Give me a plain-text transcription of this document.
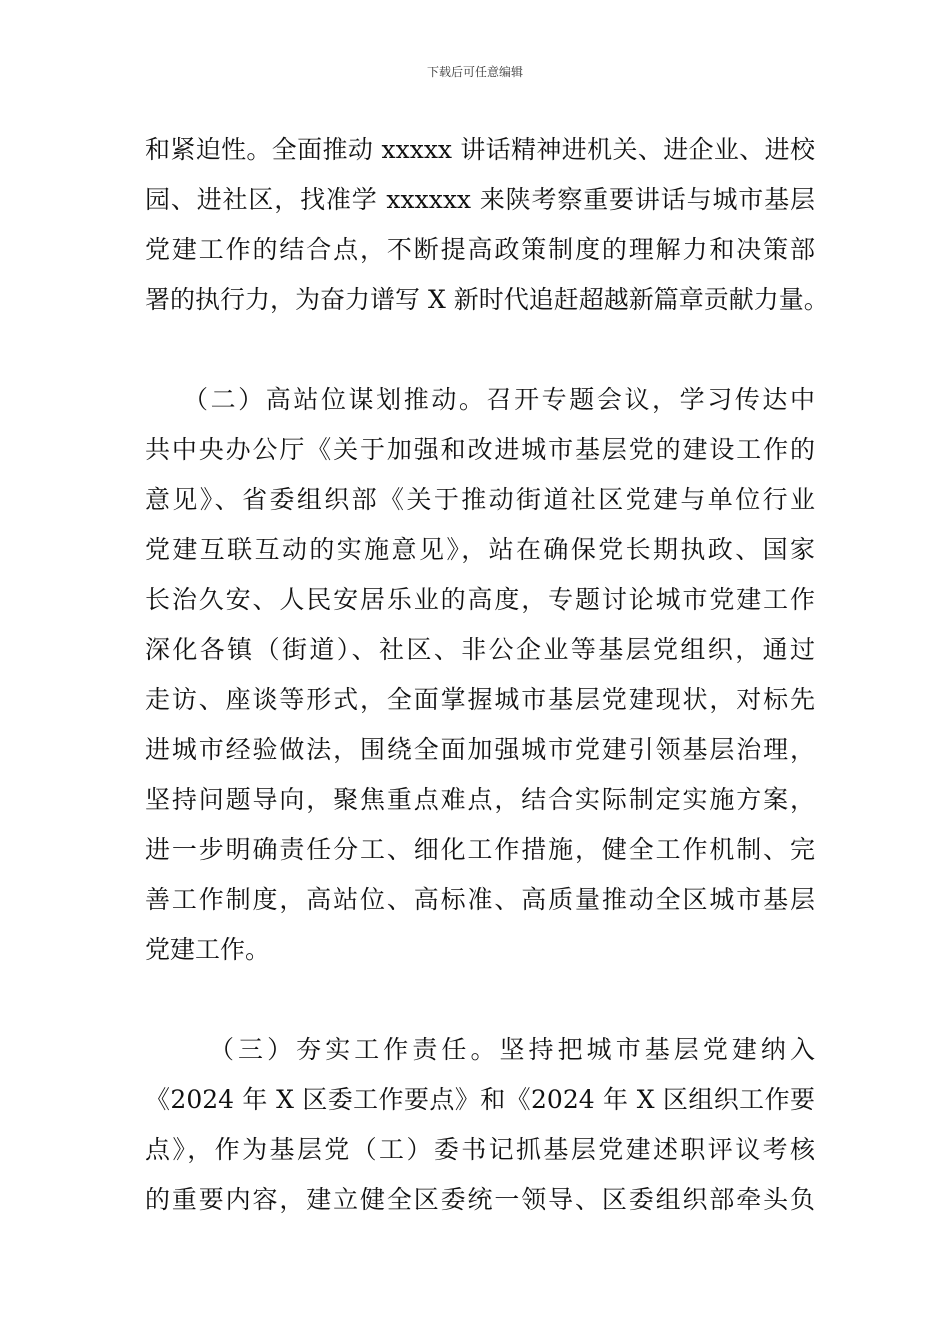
下载后可任意编辑
和紧迫性。全面推动 xxxxx 讲话精神进机关、进企业、进校
园、进社区，找准学 xxxxxx 来陕考察重要讲话与城市基层
党建工作的结合点，不断提高政策制度的理解力和决策部
署的执行力，为奋力谱写 X 新时代追赶超越新篇章贡献力量。
（二）高站位谋划推动。召开专题会议，学习传达中
共中央办公厅《关于加强和改进城市基层党的建设工作的
意见》、省委组织部《关于推动街道社区党建与单位行业
党建互联互动的实施意见》，站在确保党长期执政、国家
长治久安、人民安居乐业的高度，专题讨论城市党建工作
深化各镇（街道）、社区、非公企业等基层党组织，通过
走访、座谈等形式，全面掌握城市基层党建现状，对标先
进城市经验做法，围绕全面加强城市党建引领基层治理，
坚持问题导向，聚焦重点难点，结合实际制定实施方案，
进一步明确责任分工、细化工作措施，健全工作机制、完
善工作制度，高站位、高标准、高质量推动全区城市基层
党建工作。
（三）夯实工作责任。坚持把城市基层党建纳入
《2024 年 X 区委工作要点》和《2024 年 X 区组织工作要
点》，作为基层党（工）委书记抓基层党建述职评议考核
的重要内容，建立健全区委统一领导、区委组织部牵头负
